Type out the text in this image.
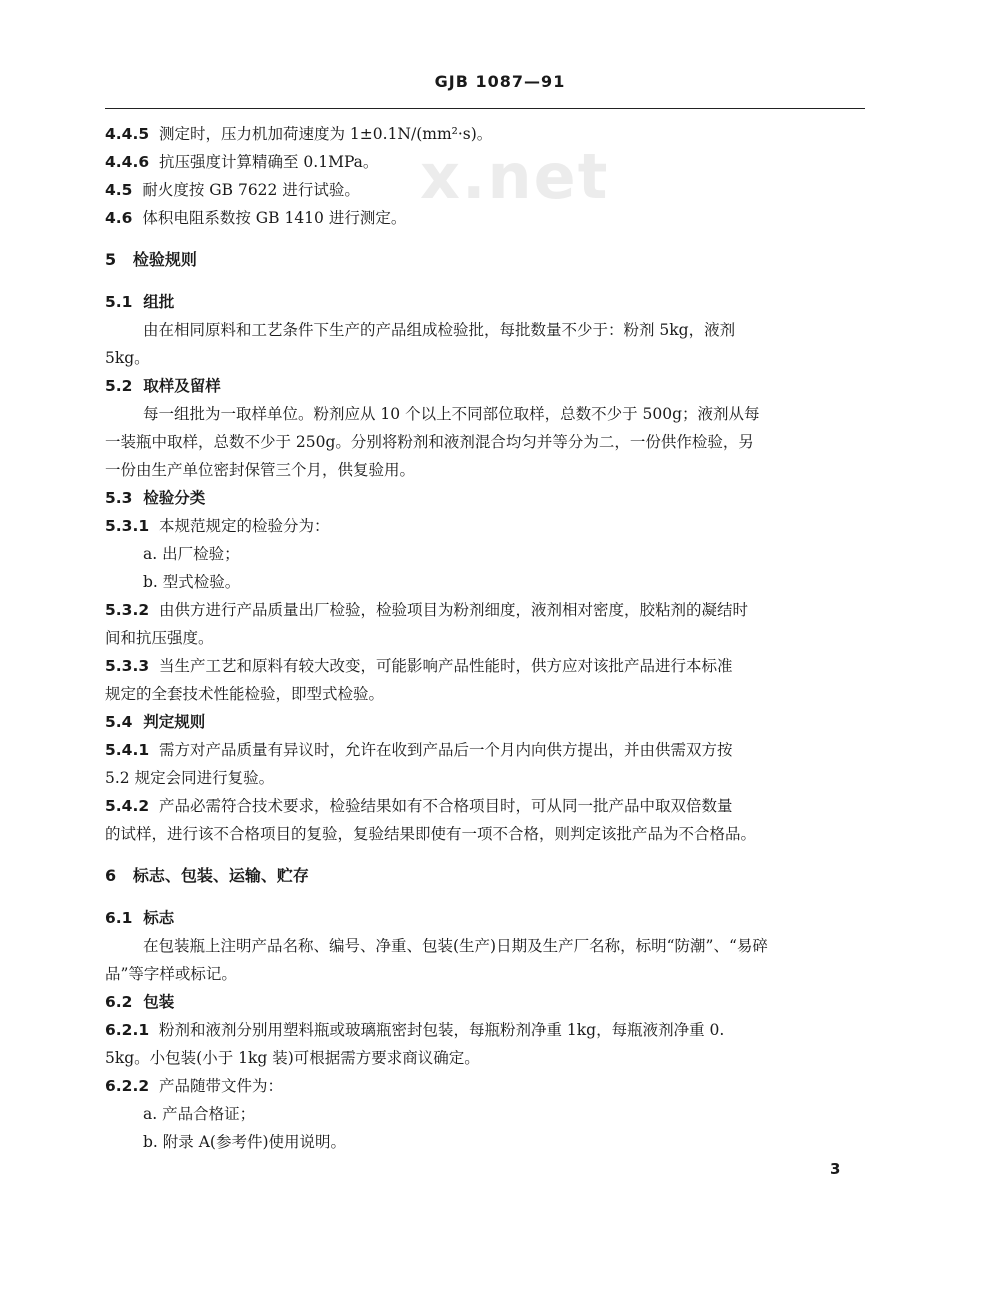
x.net
GJB 1087—91
4.4.5 测定时，压力机加荷速度为 1±0.1N/(mm²·s)。
4.4.6 抗压强度计算精确至 0.1MPa。
4.5 耐火度按 GB 7622 进行试验。
4.6 体积电阻系数按 GB 1410 进行测定。
5 检验规则
5.1 组批
由在相同原料和工艺条件下生产的产品组成检验批，每批数量不少于：粉剂 5kg，液剂
5kg。
5.2 取样及留样
每一组批为一取样单位。粉剂应从 10 个以上不同部位取样，总数不少于 500g；液剂从每
一装瓶中取样，总数不少于 250g。分别将粉剂和液剂混合均匀并等分为二，一份供作检验，另
一份由生产单位密封保管三个月，供复验用。
5.3 检验分类
5.3.1 本规范规定的检验分为：
a. 出厂检验；
b. 型式检验。
5.3.2 由供方进行产品质量出厂检验，检验项目为粉剂细度，液剂相对密度，胶粘剂的凝结时
间和抗压强度。
5.3.3 当生产工艺和原料有较大改变，可能影响产品性能时，供方应对该批产品进行本标准
规定的全套技术性能检验，即型式检验。
5.4 判定规则
5.4.1 需方对产品质量有异议时，允许在收到产品后一个月内向供方提出，并由供需双方按
5.2 规定会同进行复验。
5.4.2 产品必需符合技术要求，检验结果如有不合格项目时，可从同一批产品中取双倍数量
的试样，进行该不合格项目的复验，复验结果即使有一项不合格，则判定该批产品为不合格品。
6 标志、包装、运输、贮存
6.1 标志
在包装瓶上注明产品名称、编号、净重、包装(生产)日期及生产厂名称，标明“防潮”、“易碎
品”等字样或标记。
6.2 包装
6.2.1 粉剂和液剂分别用塑料瓶或玻璃瓶密封包装，每瓶粉剂净重 1kg，每瓶液剂净重 0.
5kg。小包装(小于 1kg 装)可根据需方要求商议确定。
6.2.2 产品随带文件为：
a. 产品合格证；
b. 附录 A(参考件)使用说明。
3
